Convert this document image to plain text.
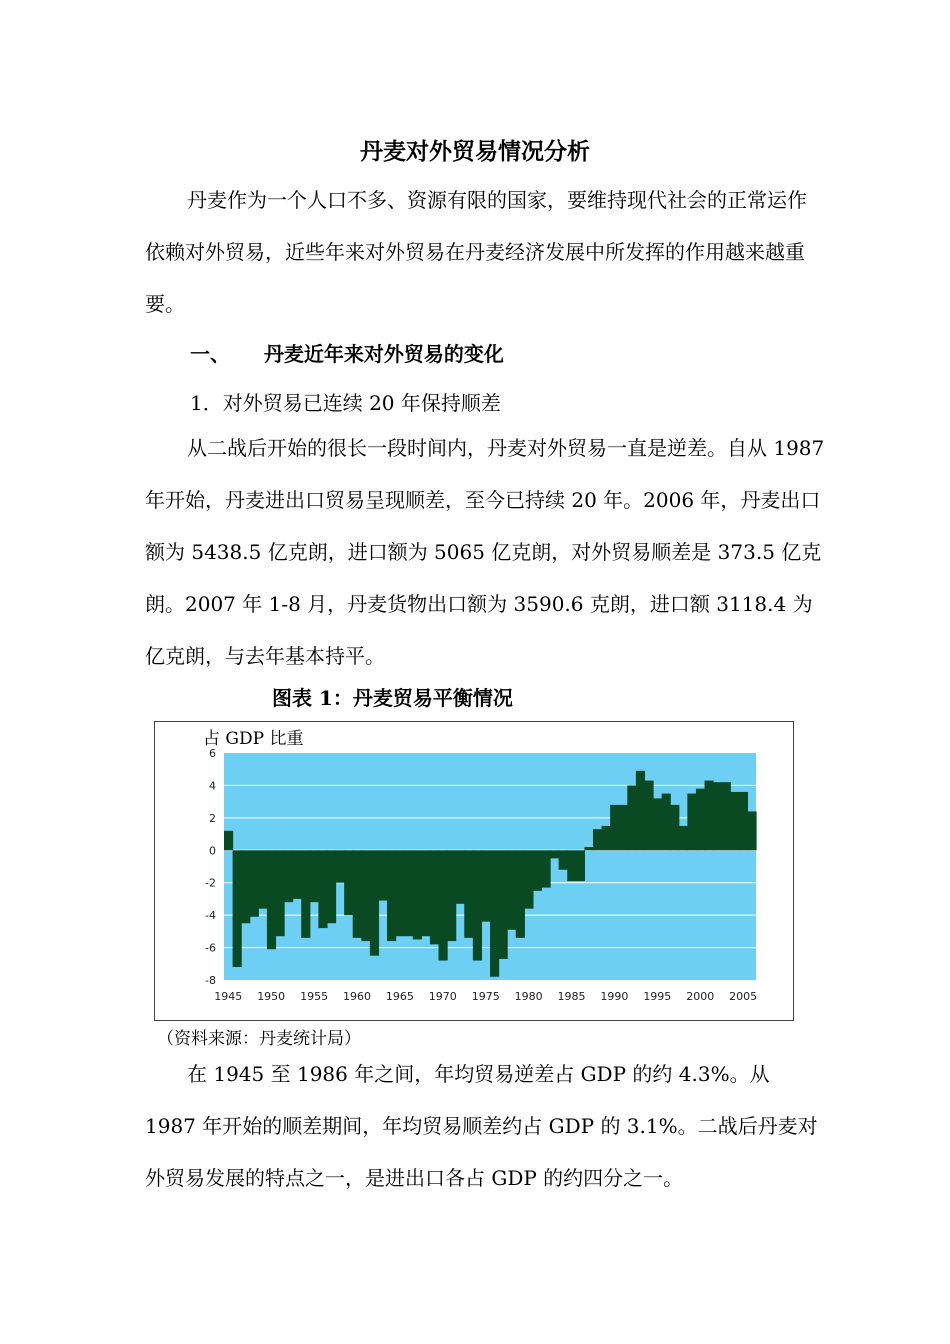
丹麦对外贸易情况分析

丹麦作为一个人口不多、资源有限的国家，要维持现代社会的正常运作依赖对外贸易，近些年来对外贸易在丹麦经济发展中所发挥的作用越来越重要。

一、 丹麦近年来对外贸易的变化
1．对外贸易已连续 20 年保持顺差

从二战后开始的很长一段时间内，丹麦对外贸易一直是逆差。自从 1987 年开始，丹麦进出口贸易呈现顺差，至今已持续 20 年。2006 年，丹麦出口额为 5438.5 亿克朗，进口额为 5065 亿克朗，对外贸易顺差是 373.5 亿克朗。2007 年 1-8 月，丹麦货物出口额为 3590.6 克朗，进口额 3118.4 为亿克朗，与去年基本持平。

图表 1：丹麦贸易平衡情况
6
4
2
0
-2
-4
-6
-8
1945 1950 1955 1960 1965 1970 1975 1980 1985 1990 1995 2000 2005
占 GDP 比重
（资料来源：丹麦统计局）

在 1945 至 1986 年之间，年均贸易逆差占 GDP 的约 4.3%。从 1987 年开始的顺差期间，年均贸易顺差约占 GDP 的 3.1%。二战后丹麦对外贸易发展的特点之一，是进出口各占 GDP 的约四分之一。
